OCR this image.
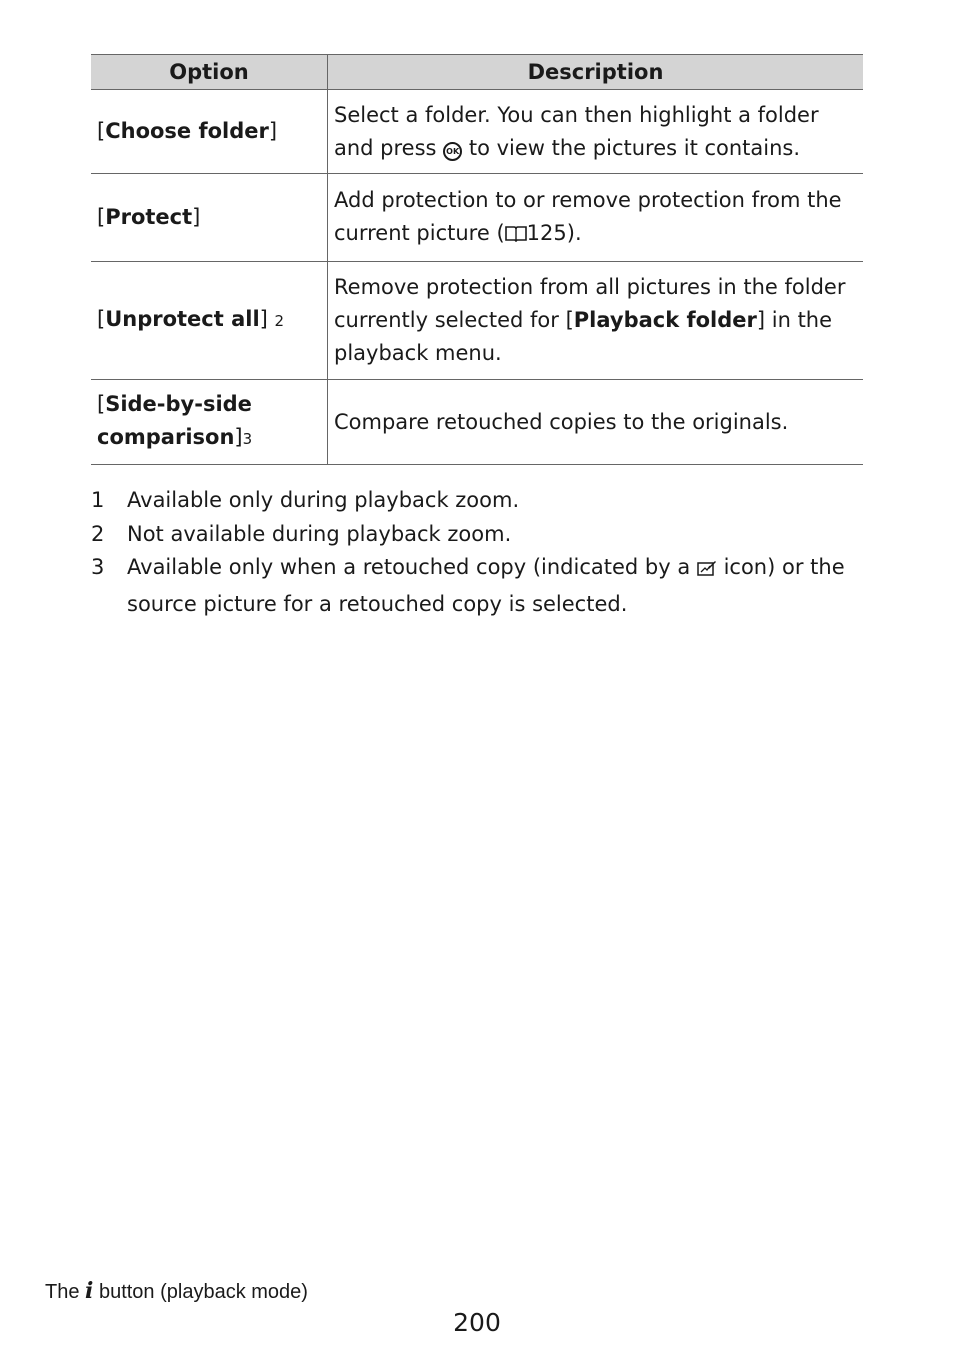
Option	Description
[Choose folder]	Select a folder. You can then highlight a folder and press OK to view the pictures it contains.
[Protect]	Add protection to or remove protection from the current picture ( 125).
[Unprotect all] 2	Remove protection from all pictures in the folder currently selected for [Playback folder] in the playback menu.
[Side-by-side comparison]3	Compare retouched copies to the originals.
1	Available only during playback zoom.
2	Not available during playback zoom.
3	Available only when a retouched copy (indicated by a  icon) or the source picture for a retouched copy is selected.
The i button (playback mode)
200
